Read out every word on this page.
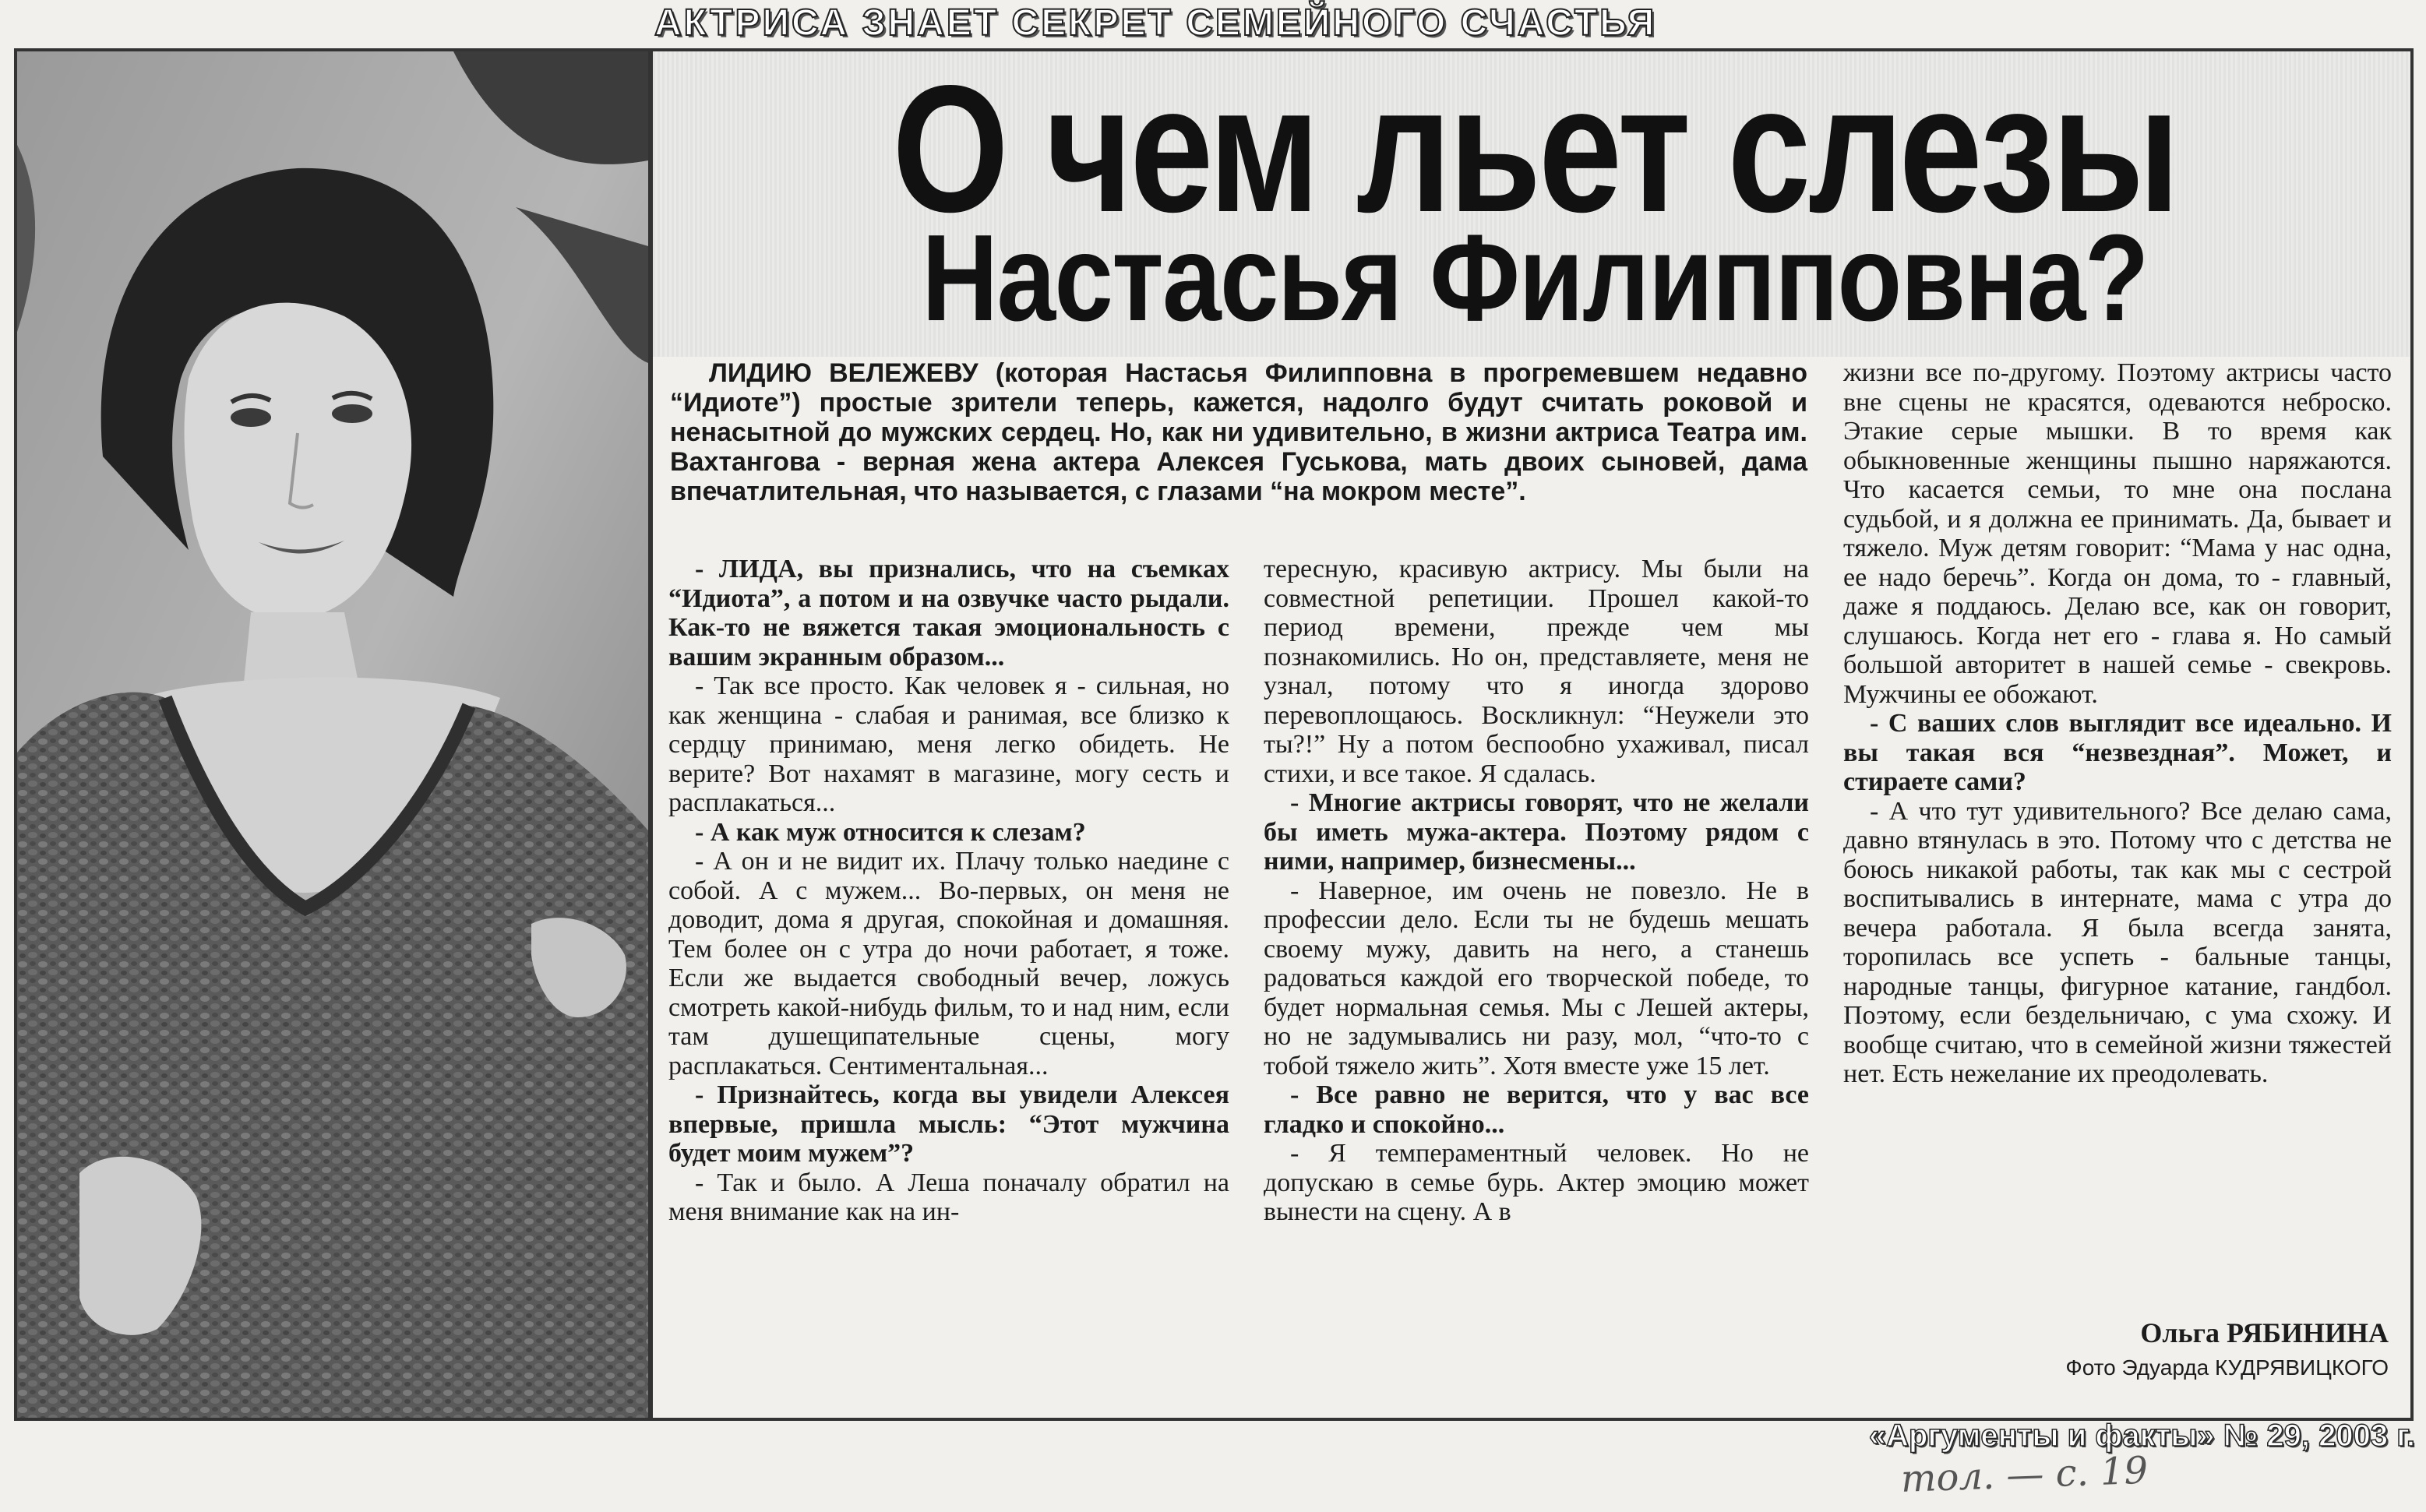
АКТРИСА ЗНАЕТ СЕКРЕТ СЕМЕЙНОГО СЧАСТЬЯ
О чем льет слезы
Настасья Филипповна?
ЛИДИЮ ВЕЛЕЖЕВУ (которая Настасья Филипповна в прогремевшем недавно “Идиоте”) простые зрители теперь, кажется, надолго будут считать роковой и ненасытной до мужских сердец. Но, как ни удивительно, в жизни актриса Театра им. Вахтангова - верная жена актера Алексея Гуськова, мать двоих сыновей, дама впечатлительная, что называется, с глазами “на мокром месте”.

- ЛИДА, вы признались, что на съемках “Идиота”, а потом и на озвучке часто рыдали. Как-то не вяжется такая эмоциональность с вашим экранным образом...

- Так все просто. Как человек я - сильная, но как женщина - слабая и ранимая, все близко к сердцу принимаю, меня легко обидеть. Не верите? Вот нахамят в магазине, могу сесть и расплакаться...

- А как муж относится к слезам?

- А он и не видит их. Плачу только наедине с собой. А с мужем... Во-первых, он меня не доводит, дома я другая, спокойная и домашняя. Тем более он с утра до ночи работает, я тоже. Если же выдается свободный вечер, ложусь смотреть какой-нибудь фильм, то и над ним, если там душещипательные сцены, могу расплакаться. Сентиментальная...

- Признайтесь, когда вы увидели Алексея впервые, пришла мысль: “Этот мужчина будет моим мужем”?

- Так и было. А Леша поначалу обратил на меня внимание как на ин-

тересную, красивую актрису. Мы были на совместной репетиции. Прошел какой-то период времени, прежде чем мы познакомились. Но он, представляете, меня не узнал, потому что я иногда здорово перевоплощаюсь. Воскликнул: “Неужели это ты?!” Ну а потом беспообно ухаживал, писал стихи, и все такое. Я сдалась.

- Многие актрисы говорят, что не желали бы иметь мужа-актера. Поэтому рядом с ними, например, бизнесмены...

- Наверное, им очень не повезло. Не в профессии дело. Если ты не будешь мешать своему мужу, давить на него, а станешь радоваться каждой его творческой победе, то будет нормальная семья. Мы с Лешей актеры, но не задумывались ни разу, мол, “что-то с тобой тяжело жить”. Хотя вместе уже 15 лет.

- Все равно не верится, что у вас все гладко и спокойно...

- Я темпераментный человек. Но не допускаю в семье бурь. Актер эмоцию может вынести на сцену. А в

жизни все по-другому. Поэтому актрисы часто вне сцены не красятся, одеваются неброско. Этакие серые мышки. В то время как обыкновенные женщины пышно наряжаются. Что касается семьи, то мне она послана судьбой, и я должна ее принимать. Да, бывает и тяжело. Муж детям говорит: “Мама у нас одна, ее надо беречь”. Когда он дома, то - главный, даже я поддаюсь. Делаю все, как он говорит, слушаюсь. Когда нет его - глава я. Но самый большой авторитет в нашей семье - свекровь. Мужчины ее обожают.

- С ваших слов выглядит все идеально. И вы такая вся “незвездная”. Может, и стираете сами?

- А что тут удивительного? Все делаю сама, давно втянулась в это. Потому что с детства не боюсь никакой работы, так как мы с сестрой воспитывались в интернате, мама с утра до вечера работала. Я была всегда занята, торопилась все успеть - бальные танцы, народные танцы, фигурное катание, гандбол. Поэтому, если бездельничаю, с ума схожу. И вообще считаю, что в семейной жизни тяжестей нет. Есть нежелание их преодолевать.

Ольга РЯБИНИНА
Фото Эдуарда КУДРЯВИЦКОГО
«Аргументы и факты» № 29, 2003 г.
тол. — с. 19
